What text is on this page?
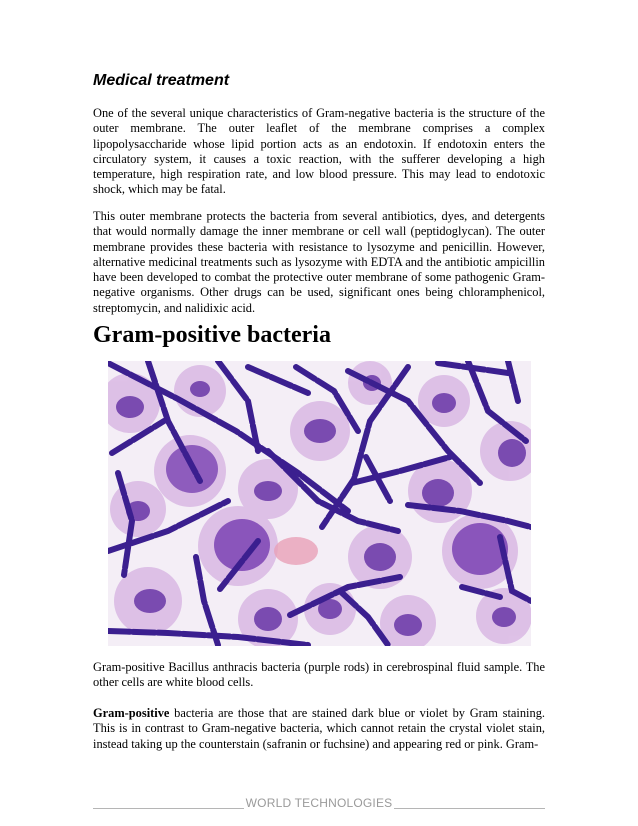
Medical treatment

One of the several unique characteristics of Gram-negative bacteria is the structure of the outer membrane. The outer leaflet of the membrane comprises a complex lipopolysaccharide whose lipid portion acts as an endotoxin. If endotoxin enters the circulatory system, it causes a toxic reaction, with the sufferer developing a high temperature, high respiration rate, and low blood pressure. This may lead to endotoxic shock, which may be fatal.

This outer membrane protects the bacteria from several antibiotics, dyes, and detergents that would normally damage the inner membrane or cell wall (peptidoglycan). The outer membrane provides these bacteria with resistance to lysozyme and penicillin. However, alternative medicinal treatments such as lysozyme with EDTA and the antibiotic ampicillin have been developed to combat the protective outer membrane of some pathogenic Gram-negative organisms. Other drugs can be used, significant ones being chloramphenicol, streptomycin, and nalidixic acid.

Gram-positive bacteria

Gram-positive Bacillus anthracis bacteria (purple rods) in cerebrospinal fluid sample. The other cells are white blood cells.

Gram-positive bacteria are those that are stained dark blue or violet by Gram staining. This is in contrast to Gram-negative bacteria, which cannot retain the crystal violet stain, instead taking up the counterstain (safranin or fuchsine) and appearing red or pink. Gram-

WORLD TECHNOLOGIES
